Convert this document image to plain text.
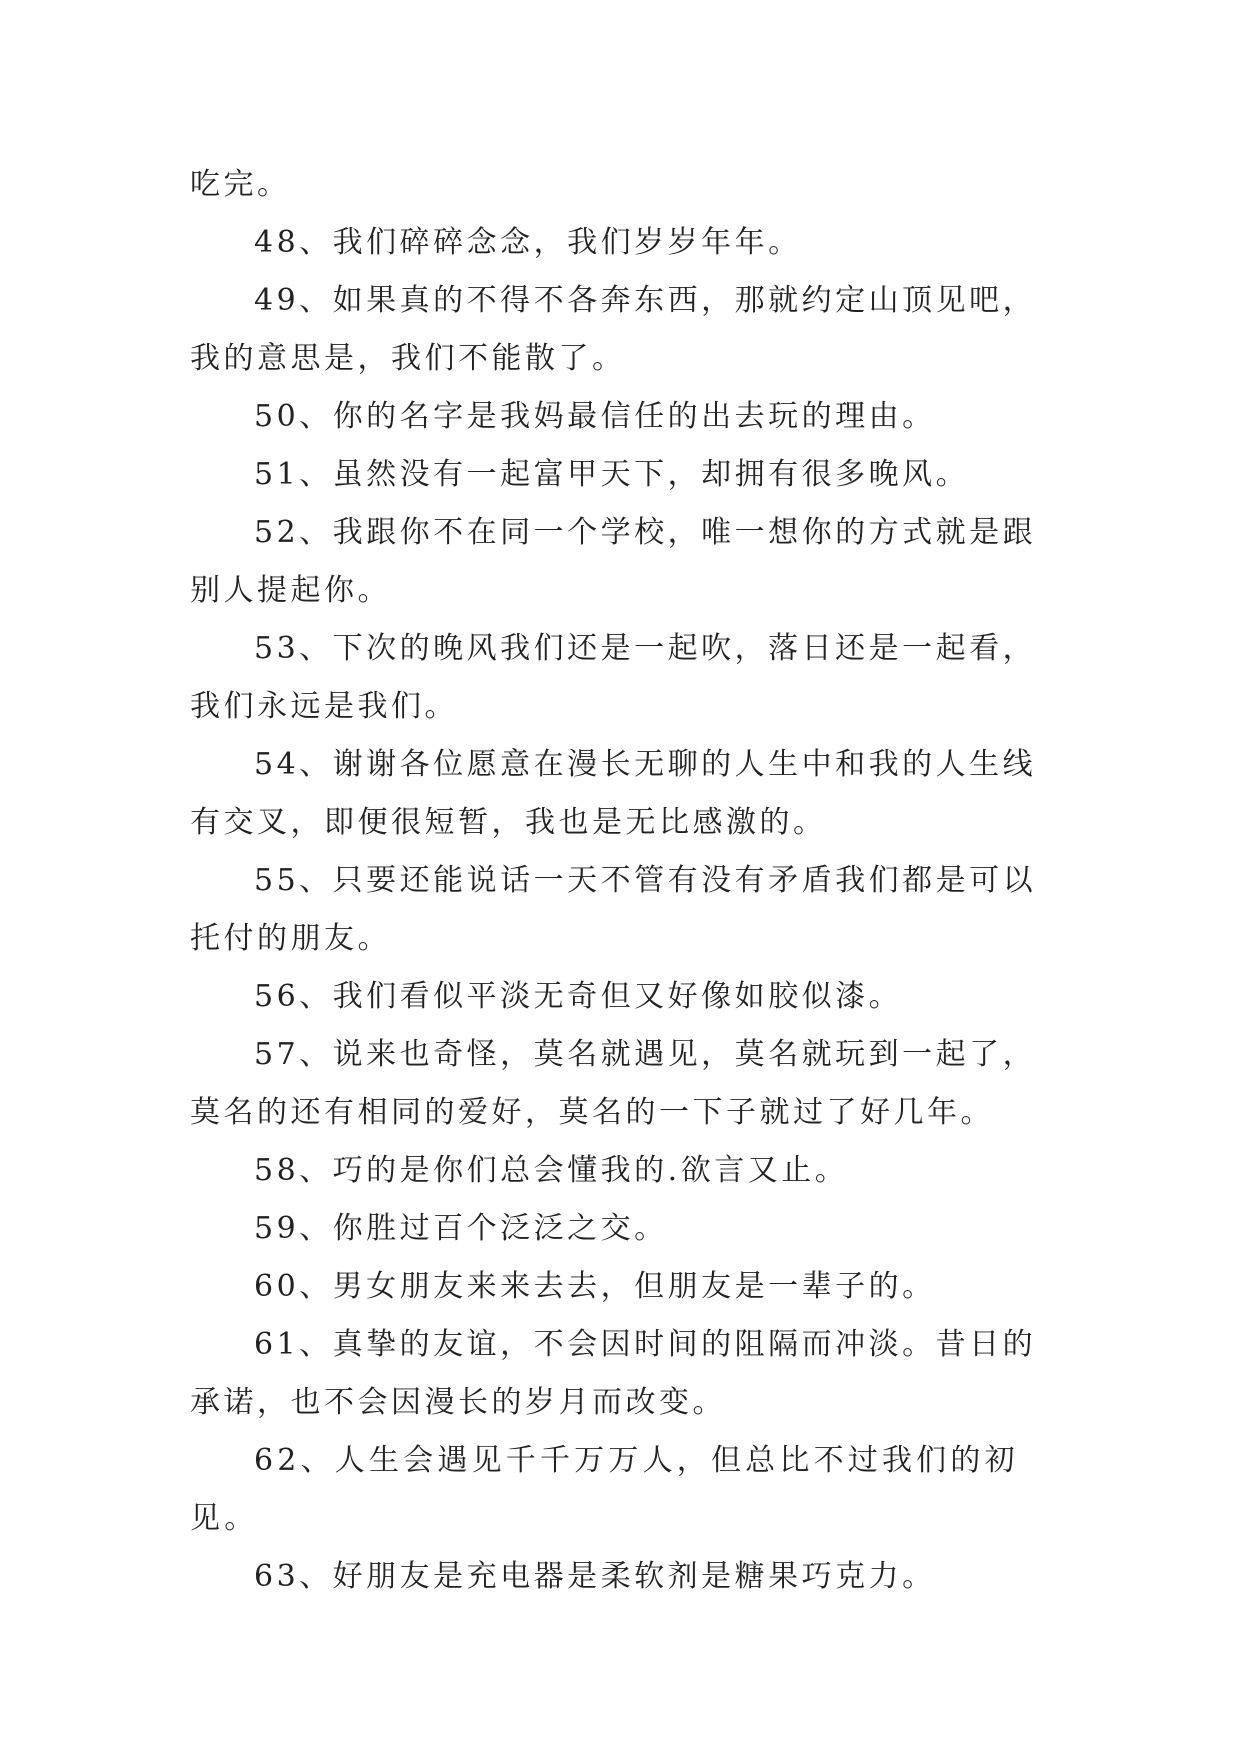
吃完。

48、我们碎碎念念，我们岁岁年年。

49、如果真的不得不各奔东西，那就约定山顶见吧，我的意思是，我们不能散了。

50、你的名字是我妈最信任的出去玩的理由。

51、虽然没有一起富甲天下，却拥有很多晚风。

52、我跟你不在同一个学校，唯一想你的方式就是跟别人提起你。

53、下次的晚风我们还是一起吹，落日还是一起看，我们永远是我们。

54、谢谢各位愿意在漫长无聊的人生中和我的人生线有交叉，即便很短暂，我也是无比感激的。

55、只要还能说话一天不管有没有矛盾我们都是可以托付的朋友。

56、我们看似平淡无奇但又好像如胶似漆。

57、说来也奇怪，莫名就遇见，莫名就玩到一起了，莫名的还有相同的爱好，莫名的一下子就过了好几年。

58、巧的是你们总会懂我的.欲言又止。

59、你胜过百个泛泛之交。

60、男女朋友来来去去，但朋友是一辈子的。

61、真挚的友谊，不会因时间的阻隔而冲淡。昔日的承诺，也不会因漫长的岁月而改变。

62、人生会遇见千千万万人，但总比不过我们的初见。

63、好朋友是充电器是柔软剂是糖果巧克力。
